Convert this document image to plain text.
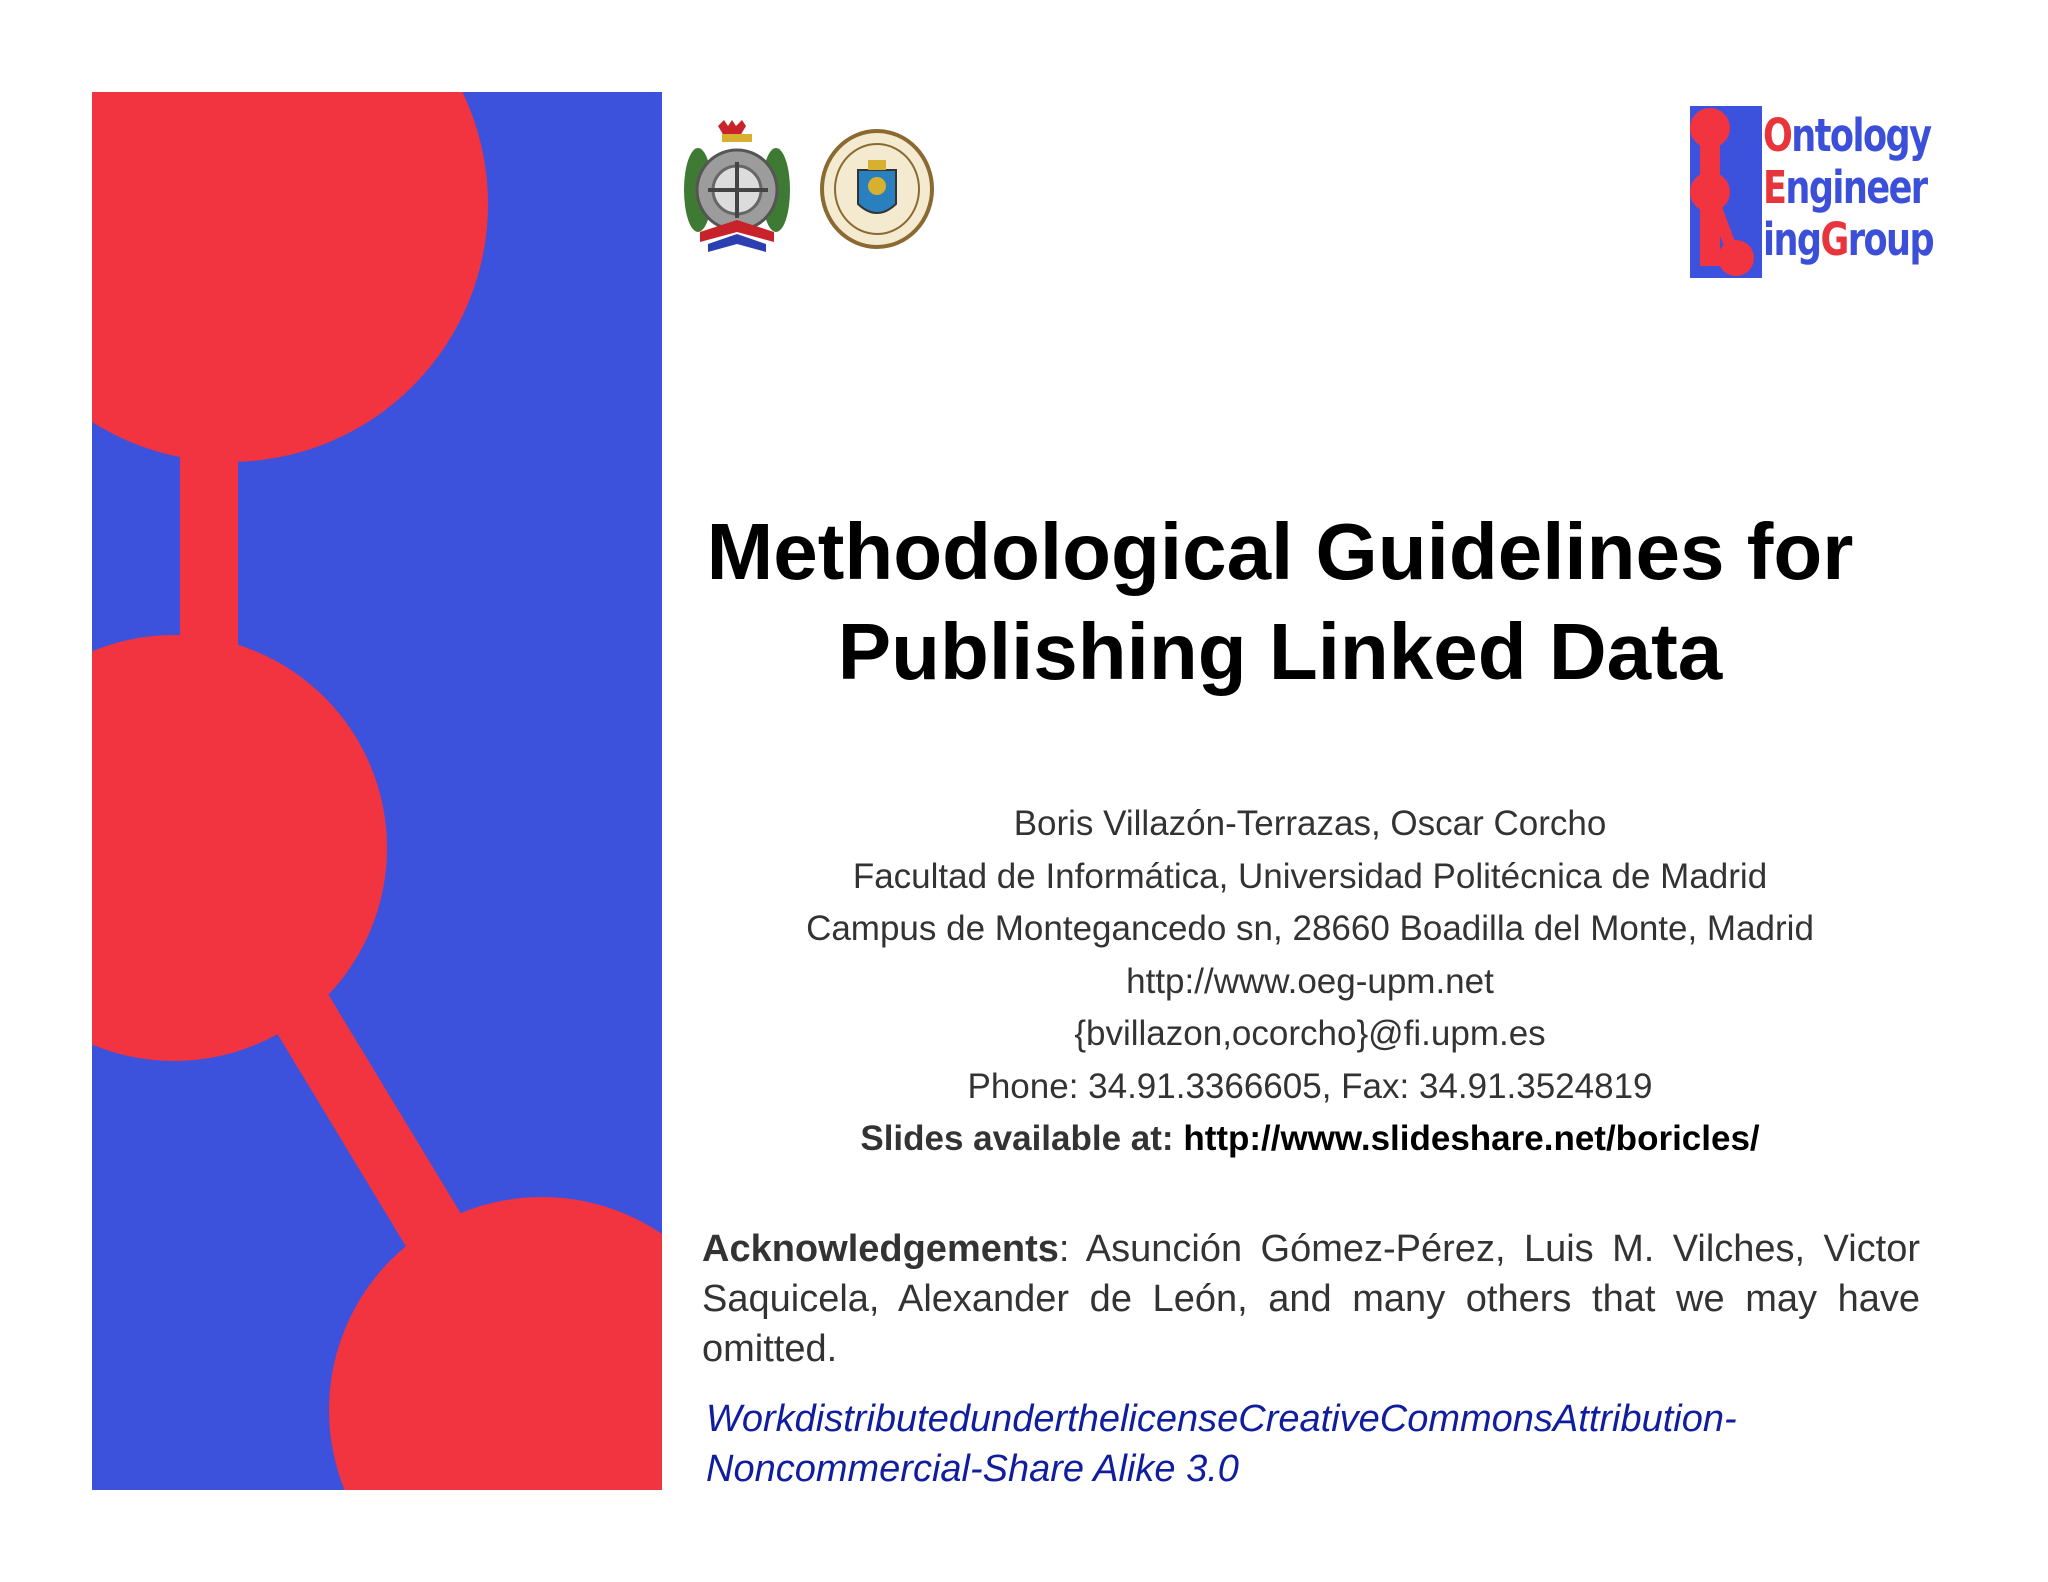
Ontology
Engineer
ingGroup
Methodological Guidelines for
Publishing Linked Data
Boris Villazón-Terrazas, Oscar Corcho
Facultad de Informática, Universidad Politécnica de Madrid
Campus de Montegancedo sn, 28660 Boadilla del Monte, Madrid
http://www.oeg-upm.net
{bvillazon,ocorcho}@fi.upm.es
Phone: 34.91.3366605, Fax: 34.91.3524819
Slides available at: http://www.slideshare.net/boricles/
Acknowledgements: Asunción Gómez-Pérez, Luis M. Vilches, Victor Saquicela, Alexander de León, and many others that we may have omitted.
WorkdistributedunderthelicenseCreativeCommonsAttribution-
Noncommercial-Share Alike 3.0
